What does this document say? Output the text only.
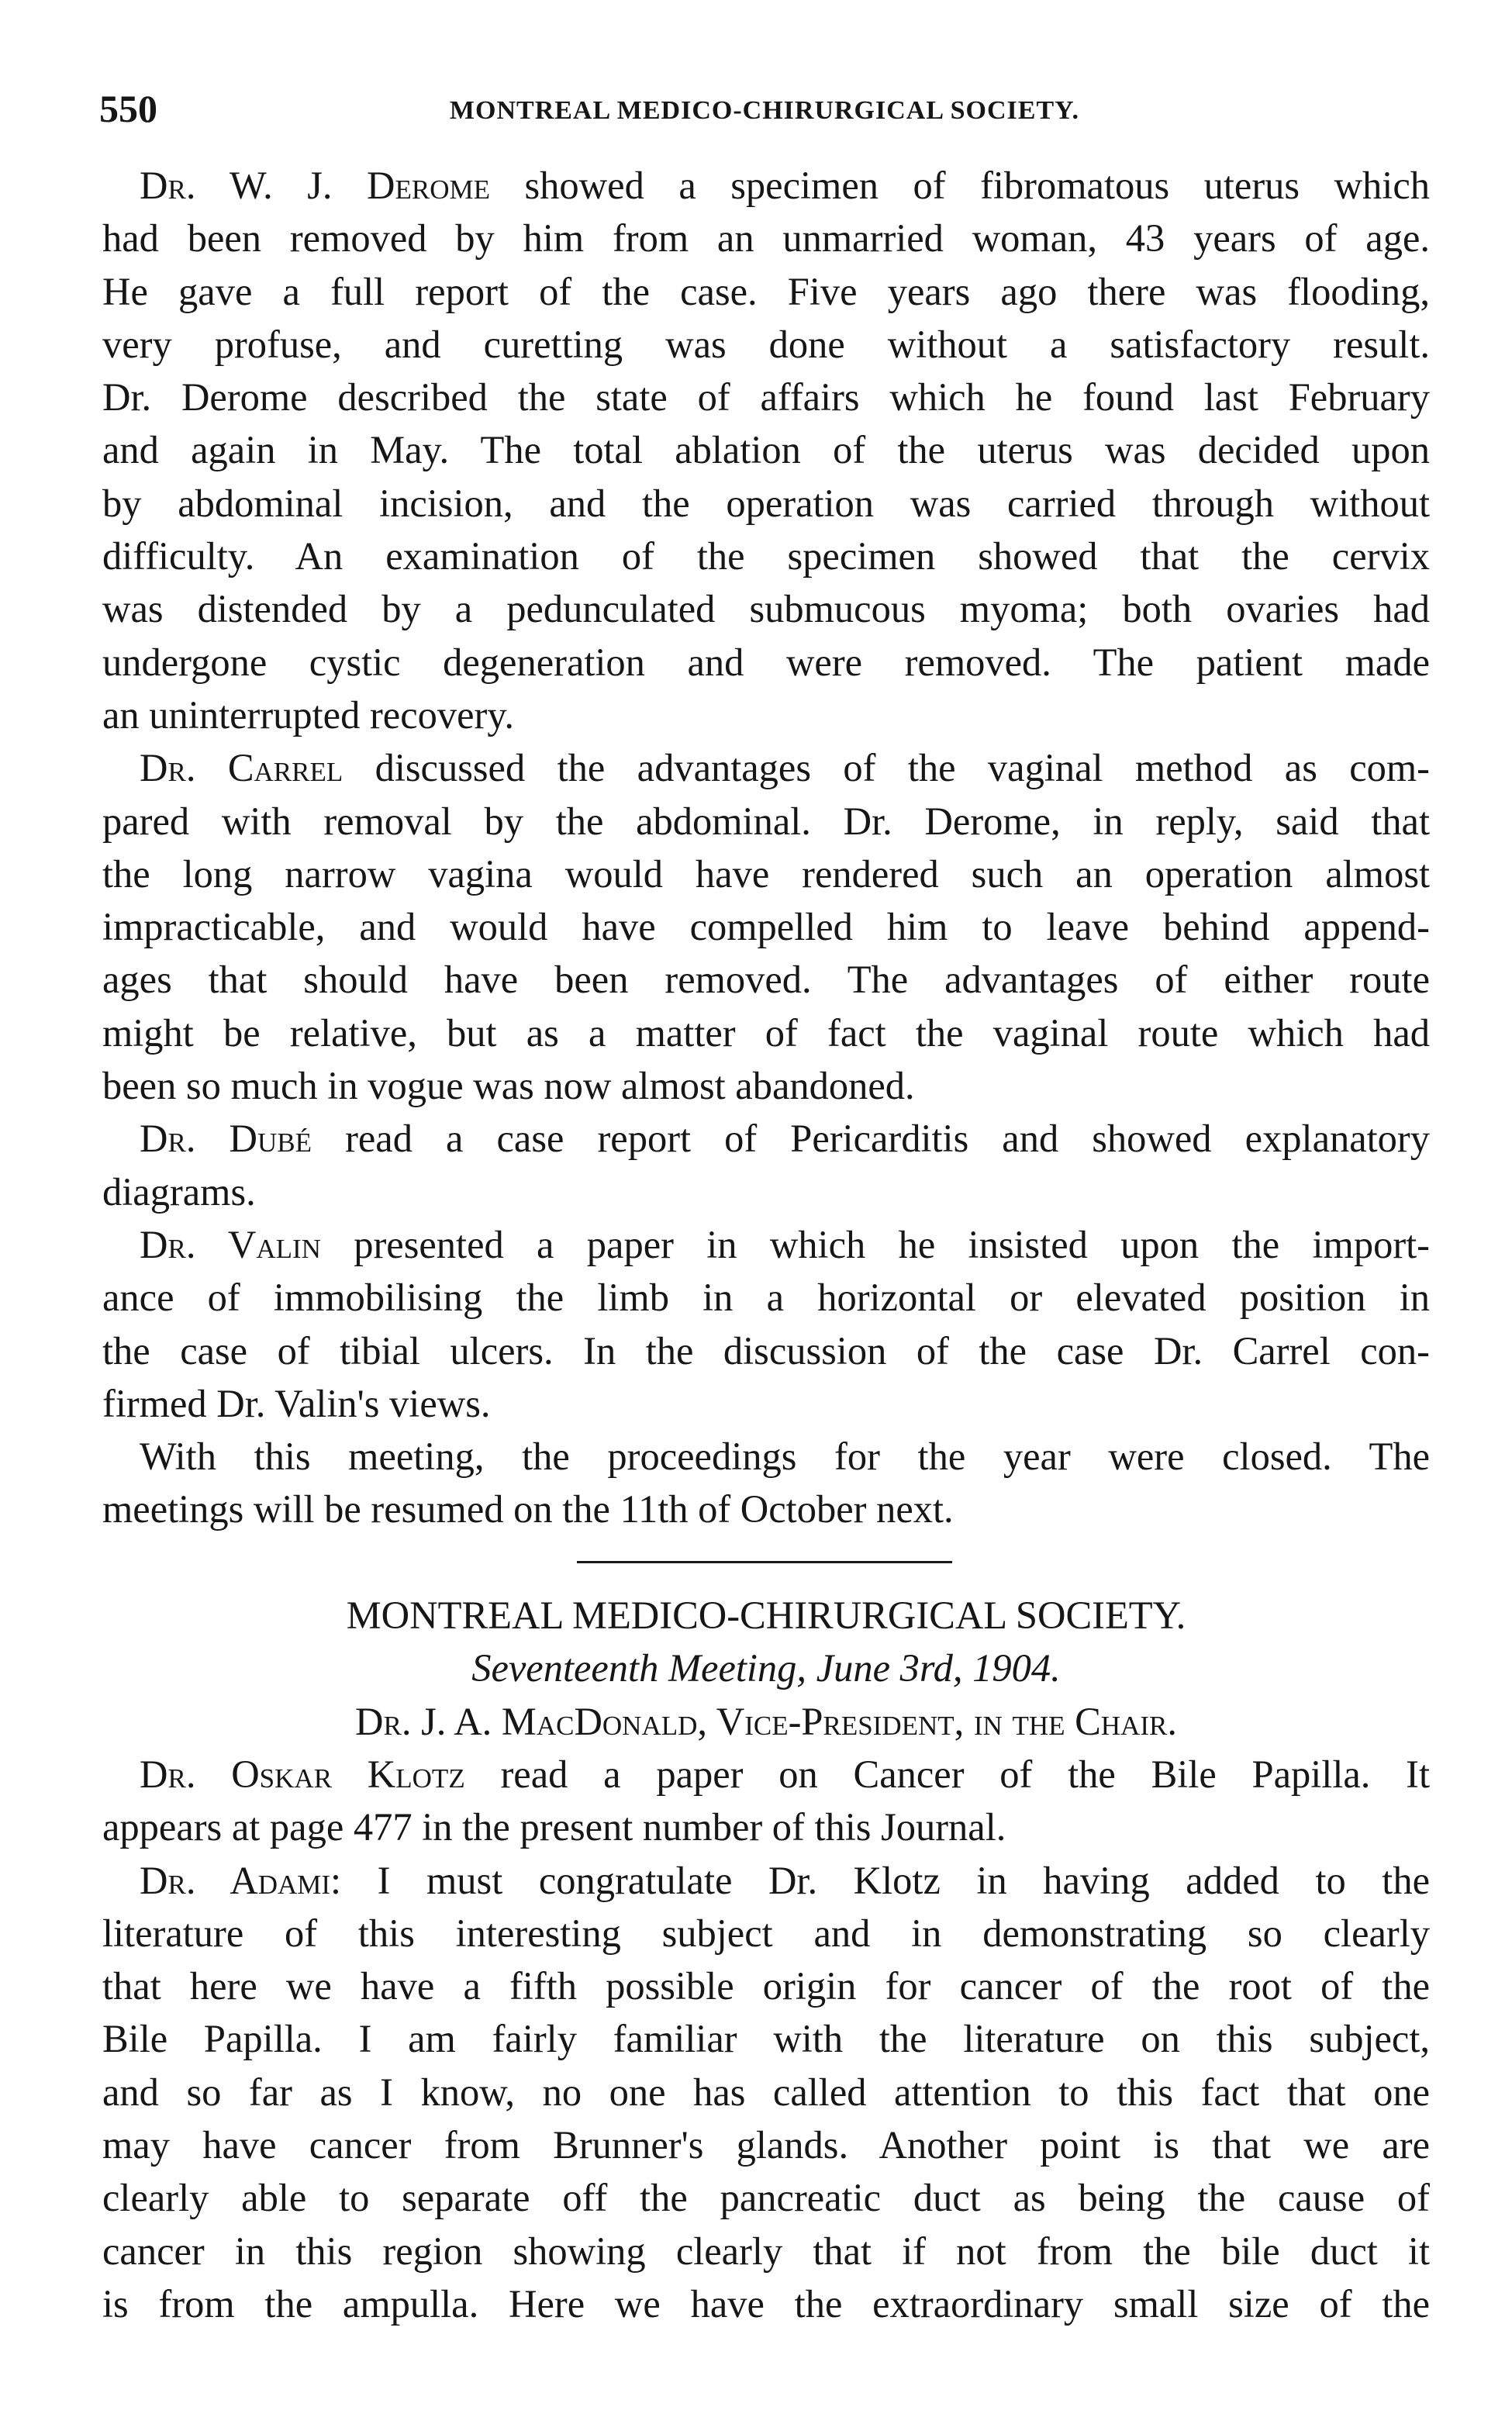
550	MONTREAL MEDICO-CHIRURGICAL SOCIETY.
Dr. W. J. Derome showed a specimen of fibromatous uterus which
had been removed by him from an unmarried woman, 43 years of age.
He gave a full report of the case. Five years ago there was flooding,
very profuse, and curetting was done without a satisfactory result.
Dr. Derome described the state of affairs which he found last February
and again in May. The total ablation of the uterus was decided upon
by abdominal incision, and the operation was carried through without
difficulty. An examination of the specimen showed that the cervix
was distended by a pedunculated submucous myoma; both ovaries had
undergone cystic degeneration and were removed. The patient made
an uninterrupted recovery.
Dr. Carrel discussed the advantages of the vaginal method as com-
pared with removal by the abdominal. Dr. Derome, in reply, said that
the long narrow vagina would have rendered such an operation almost
impracticable, and would have compelled him to leave behind append-
ages that should have been removed. The advantages of either route
might be relative, but as a matter of fact the vaginal route which had
been so much in vogue was now almost abandoned.
Dr. Dubé read a case report of Pericarditis and showed explanatory
diagrams.
Dr. Valin presented a paper in which he insisted upon the import-
ance of immobilising the limb in a horizontal or elevated position in
the case of tibial ulcers. In the discussion of the case Dr. Carrel con-
firmed Dr. Valin's views.
With this meeting, the proceedings for the year were closed. The
meetings will be resumed on the 11th of October next.
MONTREAL MEDICO-CHIRURGICAL SOCIETY.
Seventeenth Meeting, June 3rd, 1904.
Dr. J. A. MacDonald, Vice-President, in the Chair.
Dr. Oskar Klotz read a paper on Cancer of the Bile Papilla. It
appears at page 477 in the present number of this Journal.
Dr. Adami: I must congratulate Dr. Klotz in having added to the
literature of this interesting subject and in demonstrating so clearly
that here we have a fifth possible origin for cancer of the root of the
Bile Papilla. I am fairly familiar with the literature on this subject,
and so far as I know, no one has called attention to this fact that one
may have cancer from Brunner's glands. Another point is that we are
clearly able to separate off the pancreatic duct as being the cause of
cancer in this region showing clearly that if not from the bile duct it
is from the ampulla. Here we have the extraordinary small size of the
